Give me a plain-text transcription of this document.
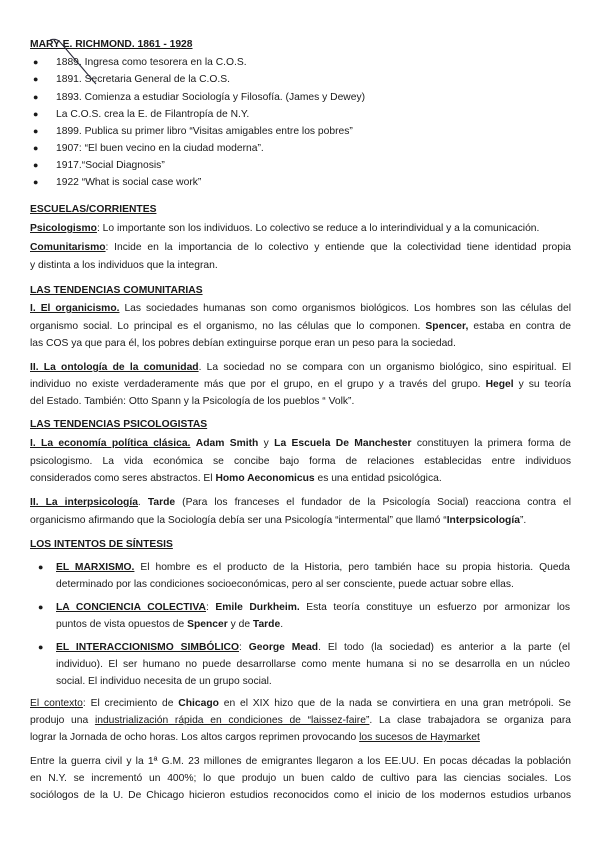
MARY E. RICHMOND. 1861 - 1928
● 1889. Ingresa como tesorera en la C.O.S.
● 1891. Secretaria General de la C.O.S.
● 1893. Comienza a estudiar Sociología y Filosofía. (James y Dewey)
● La C.O.S. crea la E. de Filantropía de N.Y.
● 1899. Publica su primer libro “Visitas amigables entre los pobres”
● 1907: “El buen vecino en la ciudad moderna”.
● 1917.“Social Diagnosis”
● 1922 “What is social case work”
ESCUELAS/CORRIENTES
Psicologismo: Lo importante son los individuos. Lo colectivo se reduce a lo interindividual y a la comunicación.
Comunitarismo: Incide en la importancia de lo colectivo y entiende que la colectividad tiene identidad propia
y distinta a los individuos que la integran.
LAS TENDENCIAS COMUNITARIAS
I. El organicismo. Las sociedades humanas son como organismos biológicos. Los hombres son las células del
organismo social. Lo principal es el organismo, no las células que lo componen. Spencer, estaba en contra de
las COS ya que para él, los pobres debían extinguirse porque eran un peso para la sociedad.
II. La ontología de la comunidad. La sociedad no se compara con un organismo biológico, sino espiritual. El
individuo no existe verdaderamente más que por el grupo, en el grupo y a través del grupo. Hegel y su teoría
del Estado. También: Otto Spann y la Psicología de los pueblos “ Volk”.
LAS TENDENCIAS PSICOLOGISTAS
I. La economía política clásica. Adam Smith y La Escuela De Manchester constituyen la primera forma de
psicologismo. La vida económica se concibe bajo forma de relaciones establecidas entre individuos
considerados como seres abstractos. El Homo Aeconomicus es una entidad psicológica.
II. La interpsicología. Tarde (Para los franceses el fundador de la Psicología Social) reacciona contra el
organicismo afirmando que la Sociología debía ser una Psicología “intermental” que llamó “Interpsicología”.
LOS INTENTOS DE SÍNTESIS
● EL MARXISMO. El hombre es el producto de la Historia, pero también hace su propia historia. Queda
determinado por las condiciones socioeconómicas, pero al ser consciente, puede actuar sobre ellas.
● LA CONCIENCIA COLECTIVA: Emile Durkheim. Esta teoría constituye un esfuerzo por armonizar los
puntos de vista opuestos de Spencer y de Tarde.
● EL INTERACCIONISMO SIMBÓLICO: George Mead. El todo (la sociedad) es anterior a la parte (el
individuo). El ser humano no puede desarrollarse como mente humana si no se desarrolla en un núcleo
social. El individuo necesita de un grupo social.
El contexto: El crecimiento de Chicago en el XIX hizo que de la nada se convirtiera en una gran metrópoli. Se
produjo una industrialización rápida en condiciones de “laissez-faire”. La clase trabajadora se organiza para
lograr la Jornada de ocho horas. Los altos cargos reprimen provocando los sucesos de Haymarket
Entre la guerra civil y la 1ª G.M. 23 millones de emigrantes llegaron a los EE.UU. En pocas décadas la población
en N.Y. se incrementó un 400%; lo que produjo un buen caldo de cultivo para las ciencias sociales. Los
sociólogos de la U. De Chicago hicieron estudios reconocidos como el inicio de los modernos estudios urbanos
